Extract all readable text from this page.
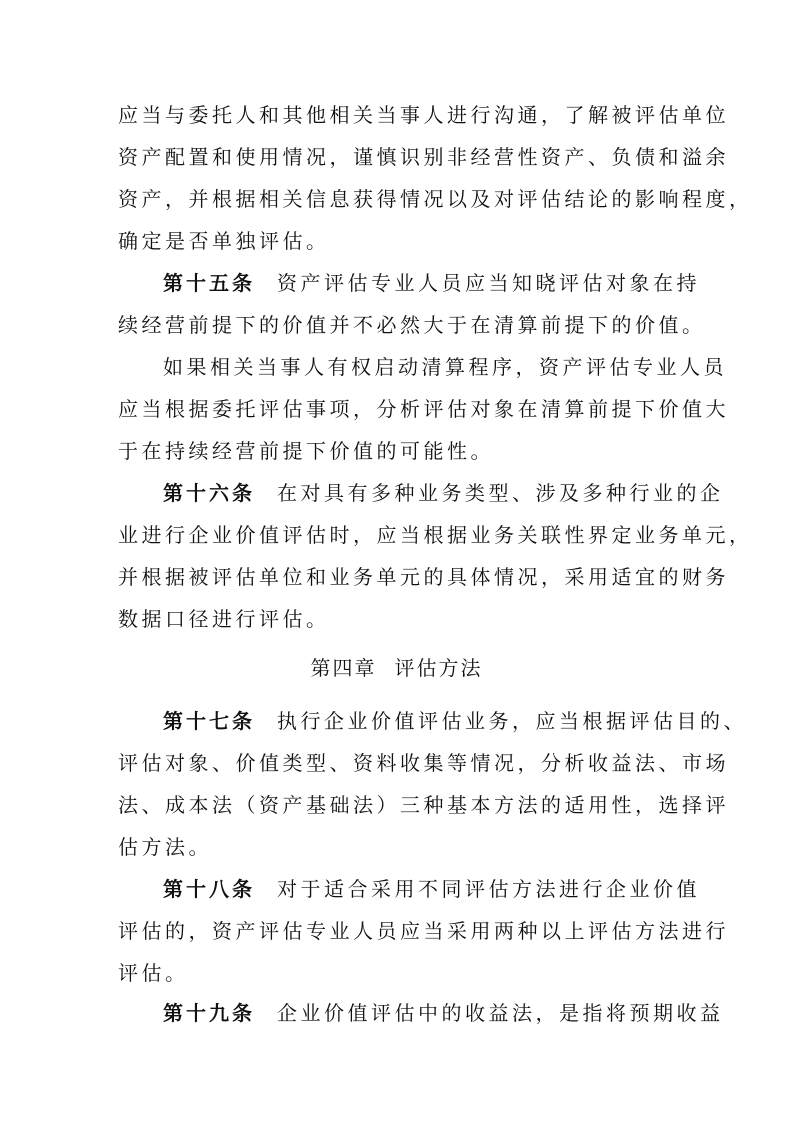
应当与委托人和其他相关当事人进行沟通，了解被评估单位
资产配置和使用情况，谨慎识别非经营性资产、负债和溢余
资产，并根据相关信息获得情况以及对评估结论的影响程度，
确定是否单独评估。
第十五条 资产评估专业人员应当知晓评估对象在持
续经营前提下的价值并不必然大于在清算前提下的价值。
如果相关当事人有权启动清算程序，资产评估专业人员
应当根据委托评估事项，分析评估对象在清算前提下价值大
于在持续经营前提下价值的可能性。
第十六条 在对具有多种业务类型、涉及多种行业的企
业进行企业价值评估时，应当根据业务关联性界定业务单元，
并根据被评估单位和业务单元的具体情况，采用适宜的财务
数据口径进行评估。
第四章 评估方法
第十七条 执行企业价值评估业务，应当根据评估目的、
评估对象、价值类型、资料收集等情况，分析收益法、市场
法、成本法（资产基础法）三种基本方法的适用性，选择评
估方法。
第十八条 对于适合采用不同评估方法进行企业价值
评估的，资产评估专业人员应当采用两种以上评估方法进行
评估。
第十九条 企业价值评估中的收益法，是指将预期收益
